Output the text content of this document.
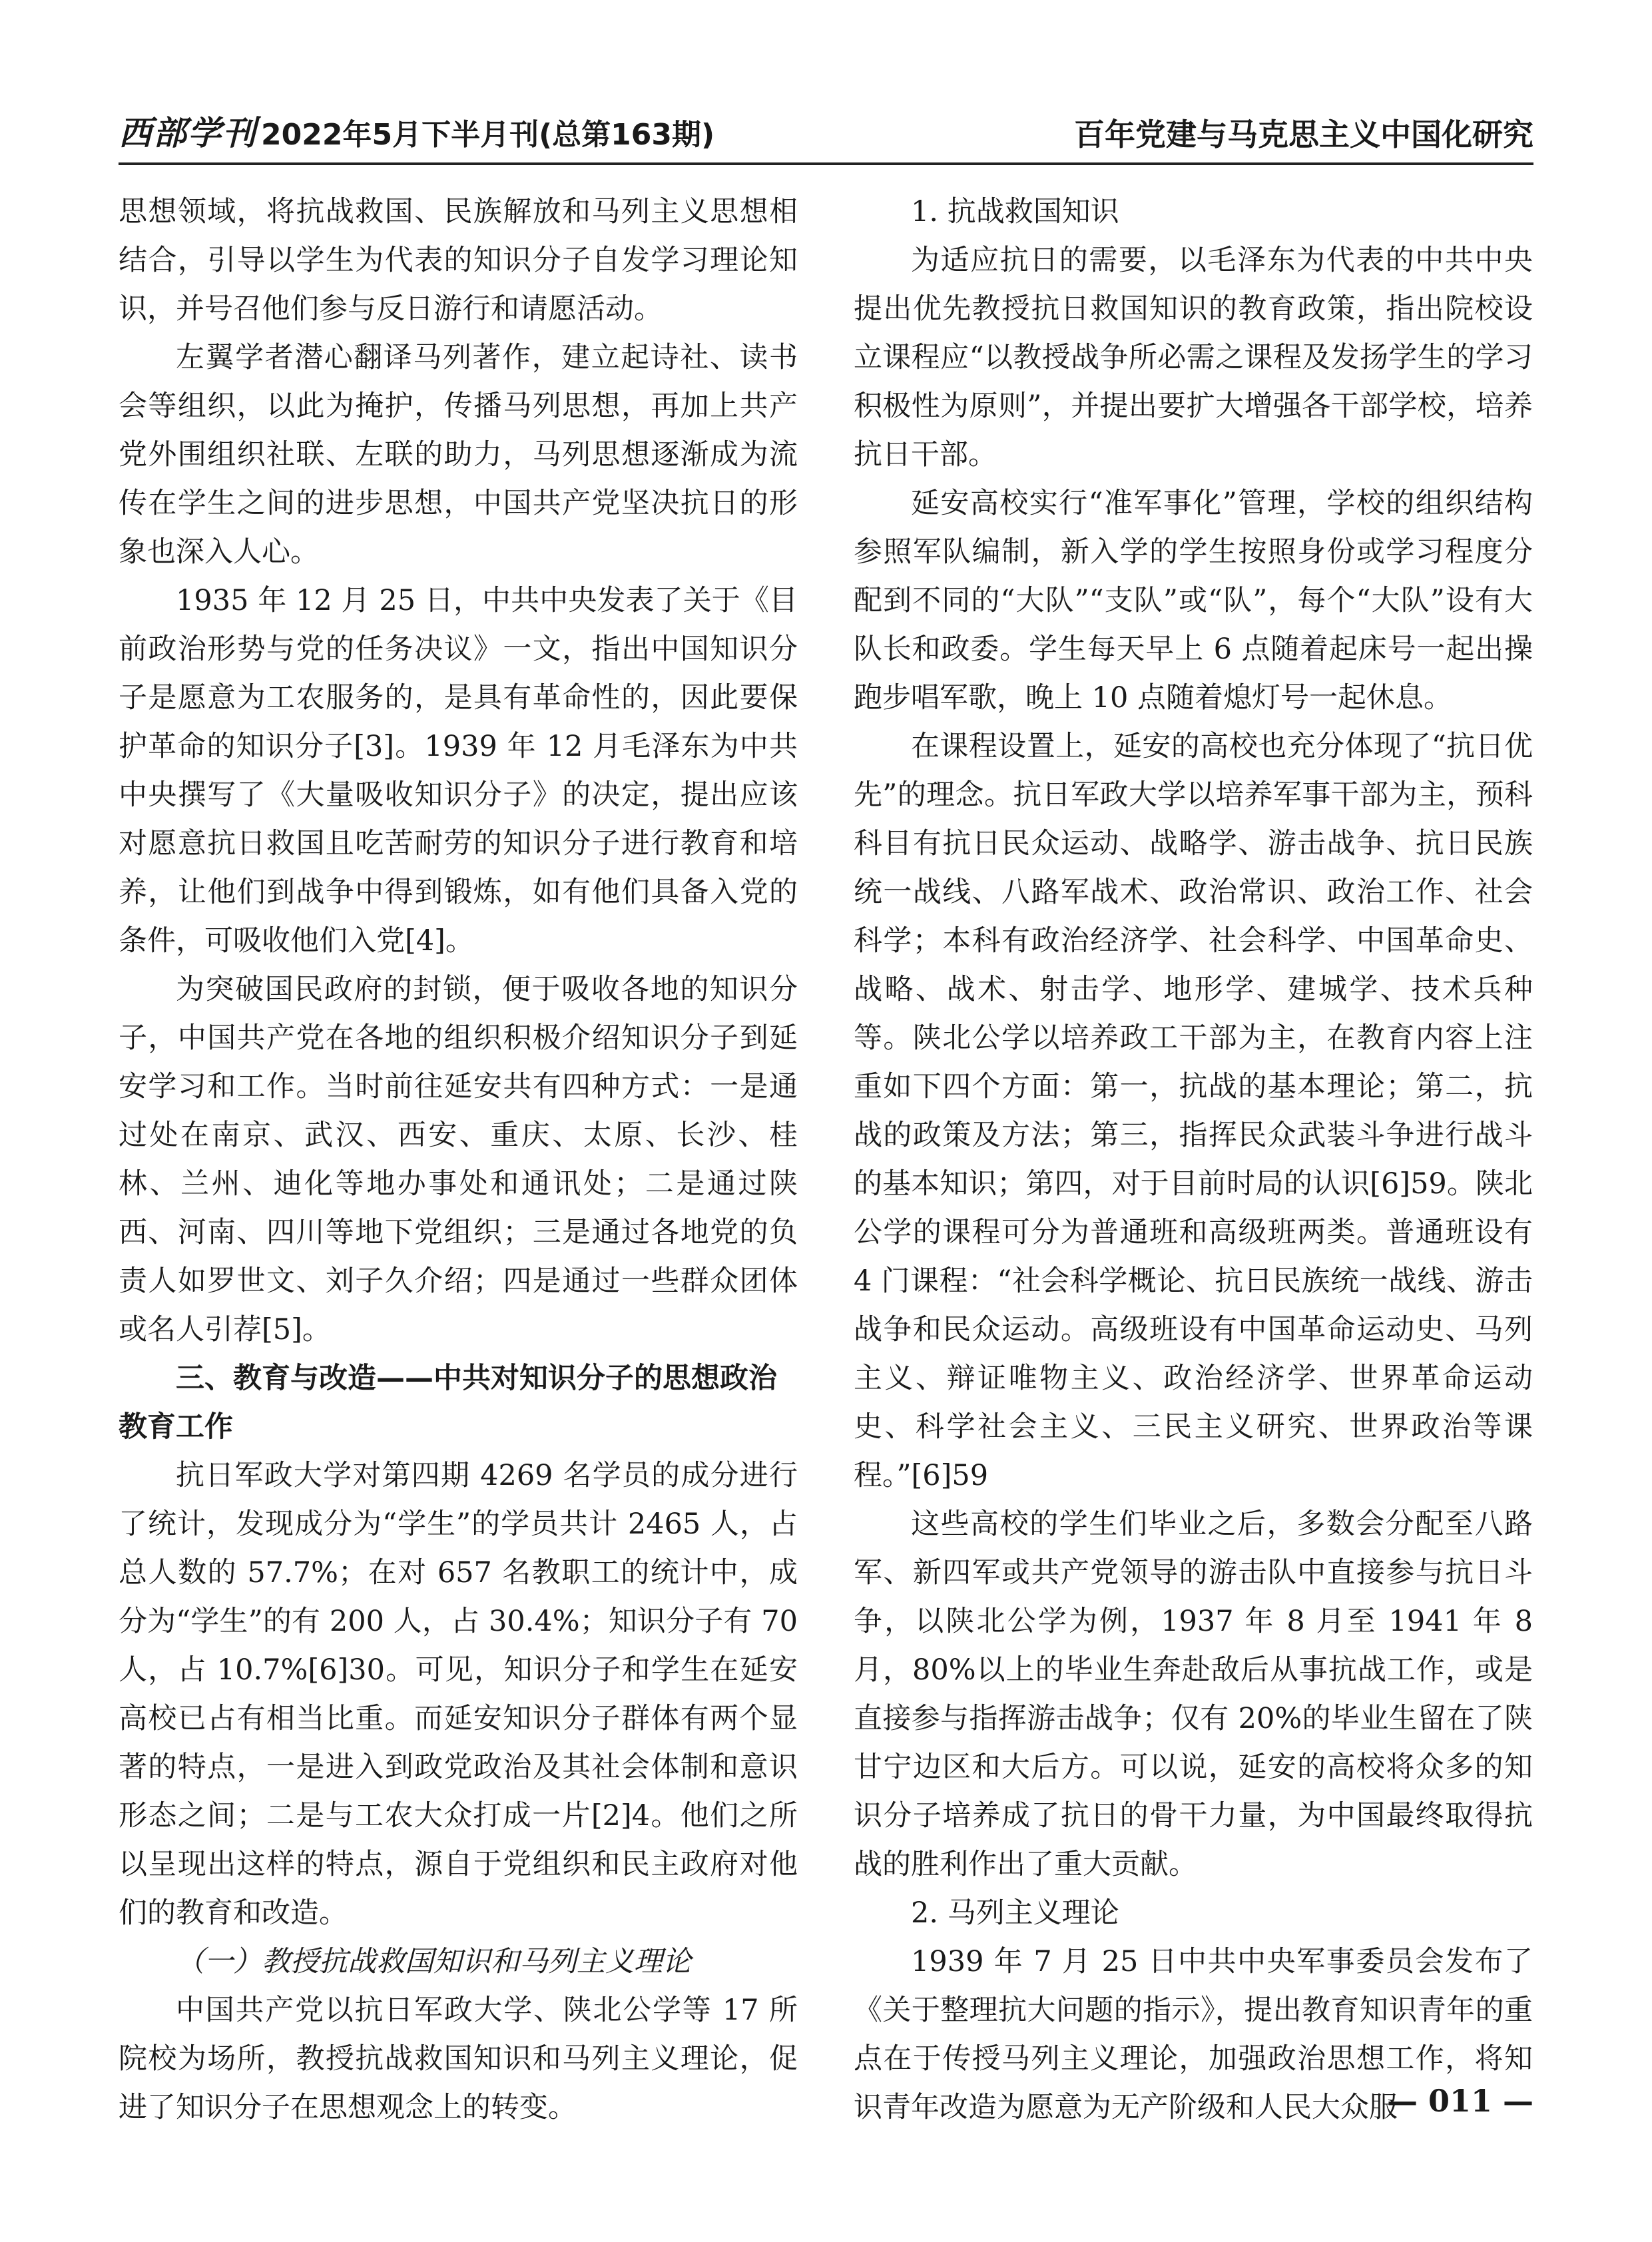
西部学刊 2022年5月下半月刊(总第163期)	百年党建与马克思主义中国化研究

思想领域，将抗战救国、民族解放和马列主义思想相结合，引导以学生为代表的知识分子自发学习理论知识，并号召他们参与反日游行和请愿活动。

左翼学者潜心翻译马列著作，建立起诗社、读书会等组织，以此为掩护，传播马列思想，再加上共产党外围组织社联、左联的助力，马列思想逐渐成为流传在学生之间的进步思想，中国共产党坚决抗日的形象也深入人心。

1935 年 12 月 25 日，中共中央发表了关于《目前政治形势与党的任务决议》一文，指出中国知识分子是愿意为工农服务的，是具有革命性的，因此要保护革命的知识分子[3]。1939 年 12 月毛泽东为中共中央撰写了《大量吸收知识分子》的决定，提出应该对愿意抗日救国且吃苦耐劳的知识分子进行教育和培养，让他们到战争中得到锻炼，如有他们具备入党的条件，可吸收他们入党[4]。

为突破国民政府的封锁，便于吸收各地的知识分子，中国共产党在各地的组织积极介绍知识分子到延安学习和工作。当时前往延安共有四种方式：一是通过处在南京、武汉、西安、重庆、太原、长沙、桂林、兰州、迪化等地办事处和通讯处；二是通过陕西、河南、四川等地下党组织；三是通过各地党的负责人如罗世文、刘子久介绍；四是通过一些群众团体或名人引荐[5]。

三、教育与改造——中共对知识分子的思想政治教育工作

抗日军政大学对第四期 4269 名学员的成分进行了统计，发现成分为“学生”的学员共计 2465 人，占总人数的 57.7%；在对 657 名教职工的统计中，成分为“学生”的有 200 人，占 30.4%；知识分子有 70 人，占 10.7%[6]30。可见，知识分子和学生在延安高校已占有相当比重。而延安知识分子群体有两个显著的特点，一是进入到政党政治及其社会体制和意识形态之间；二是与工农大众打成一片[2]4。他们之所以呈现出这样的特点，源自于党组织和民主政府对他们的教育和改造。

（一）教授抗战救国知识和马列主义理论

中国共产党以抗日军政大学、陕北公学等 17 所院校为场所，教授抗战救国知识和马列主义理论，促进了知识分子在思想观念上的转变。

1. 抗战救国知识

为适应抗日的需要，以毛泽东为代表的中共中央提出优先教授抗日救国知识的教育政策，指出院校设立课程应“以教授战争所必需之课程及发扬学生的学习积极性为原则”，并提出要扩大增强各干部学校，培养抗日干部。

延安高校实行“准军事化”管理，学校的组织结构参照军队编制，新入学的学生按照身份或学习程度分配到不同的“大队”“支队”或“队”，每个“大队”设有大队长和政委。学生每天早上 6 点随着起床号一起出操跑步唱军歌，晚上 10 点随着熄灯号一起休息。

在课程设置上，延安的高校也充分体现了“抗日优先”的理念。抗日军政大学以培养军事干部为主，预科科目有抗日民众运动、战略学、游击战争、抗日民族统一战线、八路军战术、政治常识、政治工作、社会科学；本科有政治经济学、社会科学、中国革命史、战略、战术、射击学、地形学、建城学、技术兵种等。陕北公学以培养政工干部为主，在教育内容上注重如下四个方面：第一，抗战的基本理论；第二，抗战的政策及方法；第三，指挥民众武装斗争进行战斗的基本知识；第四，对于目前时局的认识[6]59。陕北公学的课程可分为普通班和高级班两类。普通班设有 4 门课程：“社会科学概论、抗日民族统一战线、游击战争和民众运动。高级班设有中国革命运动史、马列主义、辩证唯物主义、政治经济学、世界革命运动史、科学社会主义、三民主义研究、世界政治等课程。”[6]59

这些高校的学生们毕业之后，多数会分配至八路军、新四军或共产党领导的游击队中直接参与抗日斗争，以陕北公学为例，1937 年 8 月至 1941 年 8 月，80%以上的毕业生奔赴敌后从事抗战工作，或是直接参与指挥游击战争；仅有 20%的毕业生留在了陕甘宁边区和大后方。可以说，延安的高校将众多的知识分子培养成了抗日的骨干力量，为中国最终取得抗战的胜利作出了重大贡献。

2. 马列主义理论

1939 年 7 月 25 日中共中央军事委员会发布了《关于整理抗大问题的指示》，提出教育知识青年的重点在于传授马列主义理论，加强政治思想工作，将知识青年改造为愿意为无产阶级和人民大众服

— 011 —
